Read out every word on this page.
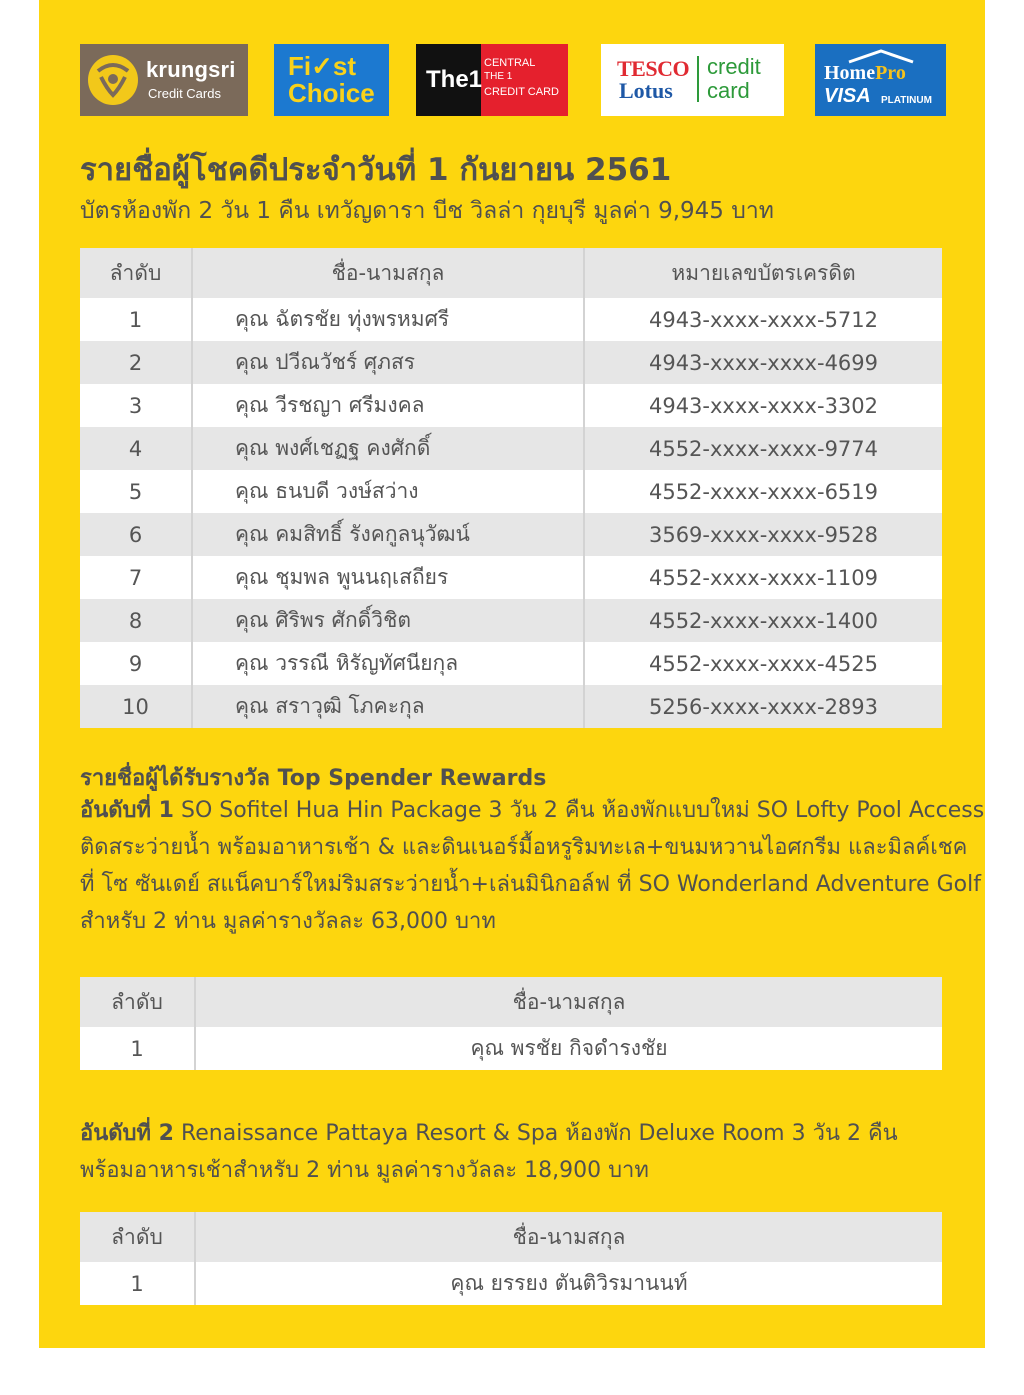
krungsri
Credit Cards
Fi✓st
Choice The1
CENTRAL
THE 1
CREDIT CARD
TESCO
Lotus
credit
card
HomePro
VISA PLATINUM
รายชื่อผู้โชคดีประจำวันที่ 1 กันยายน 2561
บัตรห้องพัก 2 วัน 1 คืน เทวัญดารา บีช วิลล่า กุยบุรี มูลค่า 9,945 บาท
ลำดับ	ชื่อ-นามสกุล	หมายเลขบัตรเครดิต
1	คุณ ฉัตรชัย ทุ่งพรหมศรี	4943-xxxx-xxxx-5712
2	คุณ ปวีณวัชร์ ศุภสร	4943-xxxx-xxxx-4699
3	คุณ วีรชญา ศรีมงคล	4943-xxxx-xxxx-3302
4	คุณ พงศ์เชฏฐ คงศักดิ์	4552-xxxx-xxxx-9774
5	คุณ ธนบดี วงษ์สว่าง	4552-xxxx-xxxx-6519
6	คุณ คมสิทธิ์ รังคกูลนุวัฒน์	3569-xxxx-xxxx-9528
7	คุณ ชุมพล พูนนฤเสถียร	4552-xxxx-xxxx-1109
8	คุณ ศิริพร ศักดิ์วิชิต	4552-xxxx-xxxx-1400
9	คุณ วรรณี หิรัญทัศนียกุล	4552-xxxx-xxxx-4525
10	คุณ สราวุฒิ โภคะกุล	5256-xxxx-xxxx-2893
รายชื่อผู้ได้รับรางวัล Top Spender Rewards
อันดับที่ 1 SO Sofitel Hua Hin Package 3 วัน 2 คืน ห้องพักแบบใหม่ SO Lofty Pool Access
ติดสระว่ายน้ำ พร้อมอาหารเช้า & และดินเนอร์มื้อหรูริมทะเล+ขนมหวานไอศกรีม และมิลค์เชค
ที่ โซ ซันเดย์ สแน็คบาร์ใหม่ริมสระว่ายน้ำ+เล่นมินิกอล์ฟ ที่ SO Wonderland Adventure Golf
สำหรับ 2 ท่าน มูลค่ารางวัลละ 63,000 บาท
ลำดับ	ชื่อ-นามสกุล
1	คุณ พรชัย กิจดำรงชัย
อันดับที่ 2 Renaissance Pattaya Resort & Spa ห้องพัก Deluxe Room 3 วัน 2 คืน
พร้อมอาหารเช้าสำหรับ 2 ท่าน มูลค่ารางวัลละ 18,900 บาท
ลำดับ	ชื่อ-นามสกุล
1	คุณ ยรรยง ตันติวิรมานนท์
